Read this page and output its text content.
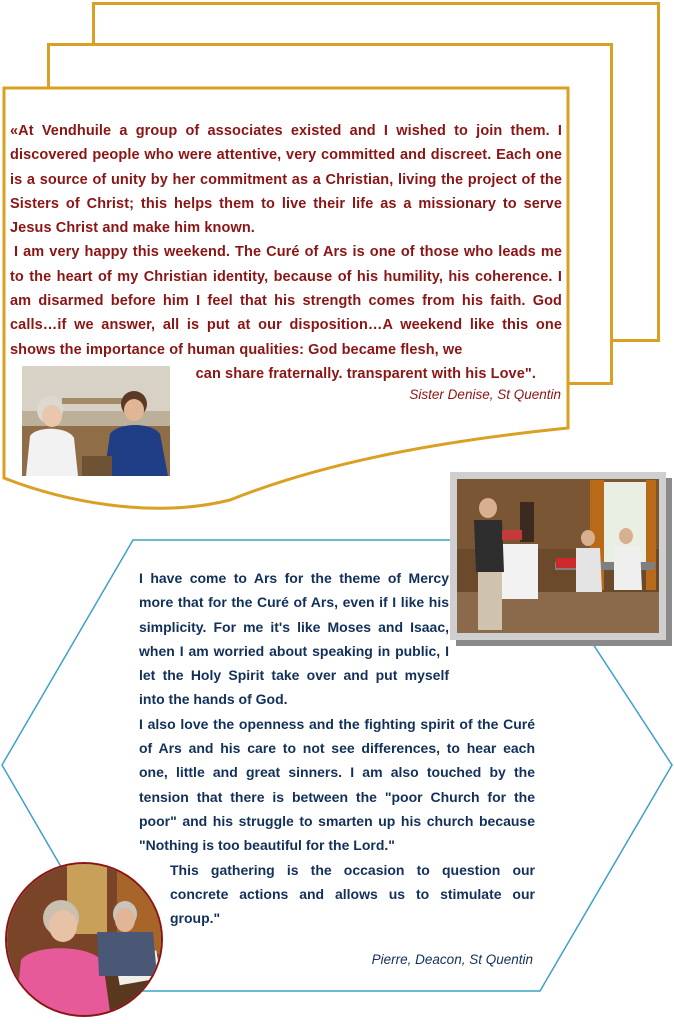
«At Vendhuile a group of associates existed and I wished to join them. I discovered people who were attentive, very committed and discreet. Each one is a source of unity by her commitment as a Christian, living the project of the Sisters of Christ; this helps them to live their life as a missionary to serve Jesus Christ and make him known.

I am very happy this weekend. The Curé of Ars is one of those who leads me to the heart of my Christian identity, because of his humility, his coherence. I am disarmed before him I feel that his strength comes from his faith. God calls…if we answer, all is put at our disposition…A weekend like this one shows the importance of human qualities: God became flesh, we

can share fraternally. transparent with his Love".
Sister Denise, St Quentin

I have come to Ars for the theme of Mercy more that for the Curé of Ars, even if I like his simplicity. For me it's like Moses and Isaac, when I am worried about speaking in public, I let the Holy Spirit take over and put myself into the hands of God.

I also love the openness and the fighting spirit of the Curé of Ars and his care to not see differences, to hear each one, little and great sinners. I am also touched by the tension that there is between the "poor Church for the poor" and his struggle to smarten up his church because "Nothing is too beautiful for the Lord."

This gathering is the occasion to question our concrete actions and allows us to stimulate our group."

Pierre, Deacon, St Quentin
